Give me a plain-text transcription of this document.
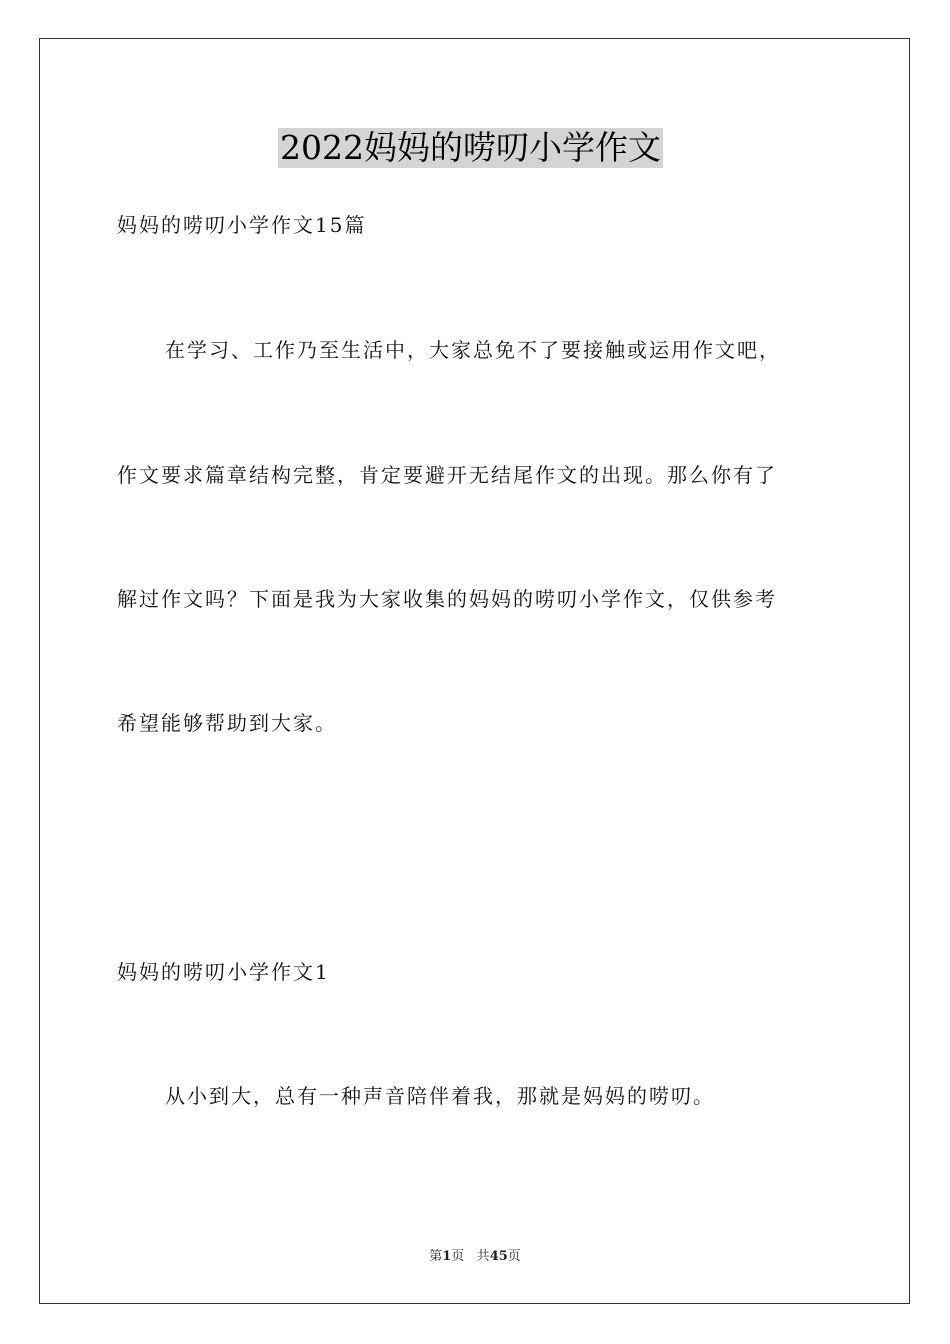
2022妈妈的唠叨小学作文
妈妈的唠叨小学作文15篇
在学习、工作乃至生活中，大家总免不了要接触或运用作文吧，
作文要求篇章结构完整，肯定要避开无结尾作文的出现。那么你有了
解过作文吗？下面是我为大家收集的妈妈的唠叨小学作文，仅供参考
希望能够帮助到大家。
妈妈的唠叨小学作文1
从小到大，总有一种声音陪伴着我，那就是妈妈的唠叨。
第1页 共45页
